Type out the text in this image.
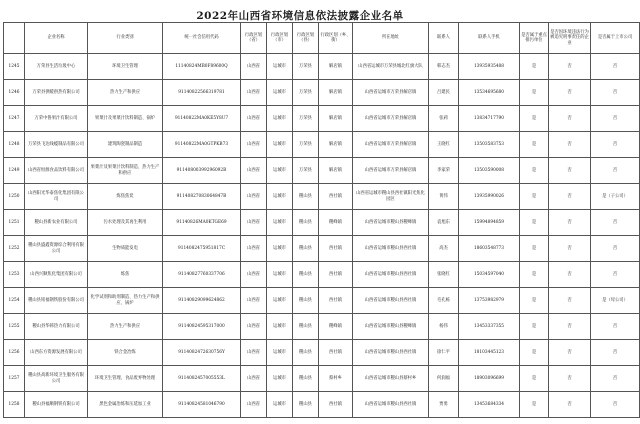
2022年山西省环境信息依法披露企业名单
	企业名称	行业类别	统一社会信用代码	行政区划（省）	行政区划（市）	行政区划（县）	行政区划（乡、街）	所在地址	联系人	联系人手机	是否属于重点排污单位	是否因环境违法行为被追究刑事责任的企业	是否属于上市公司
1245	万荣县生活垃圾中心	环境卫生管理	11140824MB0F89600Q	山西省	运城市	万荣县	解店镇	山西省运城市万荣县城北红旗大队	韩志杰	13935935488	是	否	否
1246	万荣县供暖供热有限公司	热力生产和供应	91140822566319781	山西省	运城市	万荣县	解店镇	山西省运城市万荣县解店镇	吕建民	13534695680	是	否	否
1247	万荣中鲁果汁有限公司	果菜汁及果菜汁饮料制造、锅炉	91140822MA0KE5Y8U7	山西省	运城市	万荣县	解店镇	山西省运城市万荣县解店镇	张莉	13834717790	是	否	否
1248	万荣县飞达线缆制品有限公司	建筑陶瓷制品制造	91140822MA0GTPKB73	山西省	运城市	万荣县	解店镇	山西省运城市万荣县解店镇	王晓红	13503583753	是	否	否
1249	山西省恒源食品饮料有限公司	果菜汁及果菜汁饮料制造、热力生产和供应	91140800399296092B	山西省	运城市	万荣县	解店镇	山西省运城市万荣县解店镇	李家荣	13503590008	是	否	否
1250	山西阳光华泰焦化集团有限公司	炼焦焦炭	91140827083064847B	山西省	运城市	稷山县	西社镇	山西省运城市稷山县西社镇阳光焦化园区	黄伟	13935990026	是	否	是（子公司）
1251	稷山县新农业有限公司	污水处理及其再生利用	91140826MA0KTGE69	山西省	运城市	稷山县	稷峰镇	山西省运城市稷山县稷峰镇	袁旭东	15994894859	是	否	否
1252	稷山县盛鑫资源综合利用有限公司	生物质能发电	9114082475951817C	山西省	运城市	稷山县	西社镇	山西省运城市稷山县西社镇	高杰	18603548773	是	否	否
1253	山西兴顺焦化集团有限公司	炼焦	91140827760337706	山西省	运城市	稷山县	西社镇	山西省运城市稷山县西社镇	张晓红	15034597040	是	否	否
1254	稷山县铭福钢铁股份有限公司	化学试剂和助剂制造、热力生产和供应、锅炉	91140829099624862	山西省	运城市	稷山县	西社镇	山西省运城市稷山县西社镇	毛孔栋	13753982979	是	否	是（母公司）
1255	稷山县华韩热力有限公司	热力生产和供应	91140824595317000	山西省	运城市	稷山县	稷峰镇	山西省运城市稷山县稷峰镇	杨伟	13453337355	是	否	否
1256	山西东方资源发展有限公司	铁合金冶炼	9114082472630756Y	山西省	运城市	稷山县	西社镇	山西省运城市稷山县西社镇	徐仁平	18103445123	是	否	否
1257	稷山县高新环境卫生服务有限公司	环境卫生管理，食品废弃物处理	9114082457005553L	山西省	运城市	稷山县	蔡村乡	山西省运城市稷山县蔡村乡	何润福	18903096699	是	否	否
1258	稷山县福顺钢铁有限公司	黑色金属冶炼和压延加工业	91140824581046790	山西省	运城市	稷山县	西社镇	山西省运城市稷山县西社镇	贾勇	13453684334	是	否	否
